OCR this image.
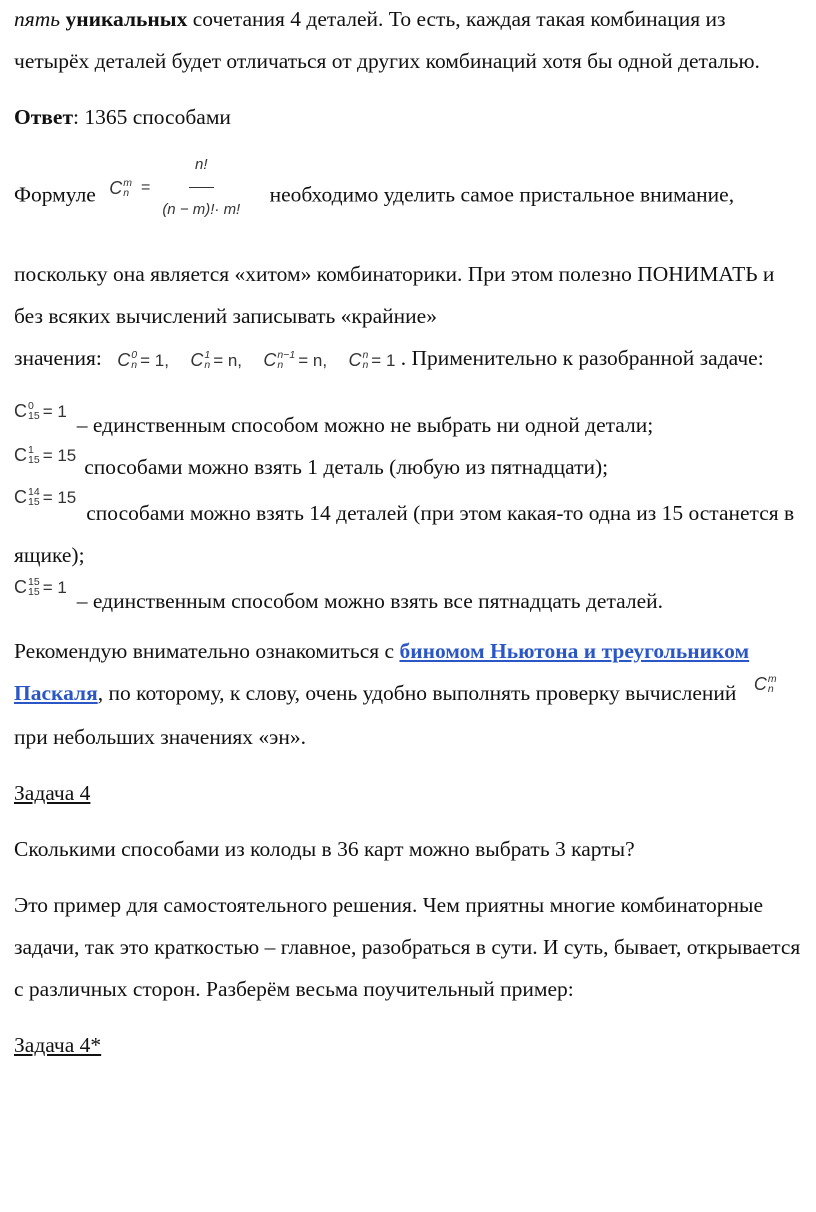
пять уникальных сочетания 4 деталей. То есть, каждая такая комбинация из четырёх деталей будет отличаться от других комбинаций хотя бы одной деталью.

Ответ: 1365 способами

Формуле C m
$n = \frac{n!}{(n - m)!\cdot m!}$ необходимо уделить самое пристальное внимание, поскольку она является «хитом» комбинаторики. При этом полезно ПОНИМАТЬ и без всяких вычислений записывать «крайние»

значения: C 0
n = 1, C 1
n = n, C n−1
n = n, C n
n = 1 . Применительно к разобранной задаче:

C 0
15 = 1– единственным способом можно не выбрать ни одной детали;

C 1
15 = 15 способами можно взять 1 деталь (любую из пятнадцати);

C 14
15 = 15способами можно взять 14 деталей (при этом какая-то одна из 15 останется в ящике);

C 15
15 = 1– единственным способом можно взять все пятнадцать деталей.

Рекомендую внимательно ознакомиться с биномом Ньютона и треугольником Паскаля, по которому, к слову, очень удобно выполнять проверку вычислений C m
n
при небольших значениях «эн».

Задача 4

Сколькими способами из колоды в 36 карт можно выбрать 3 карты?

Это пример для самостоятельного решения. Чем приятны многие комбинаторные задачи, так это краткостью – главное, разобраться в сути. И суть, бывает, открывается с различных сторон. Разберём весьма поучительный пример:

Задача 4*
